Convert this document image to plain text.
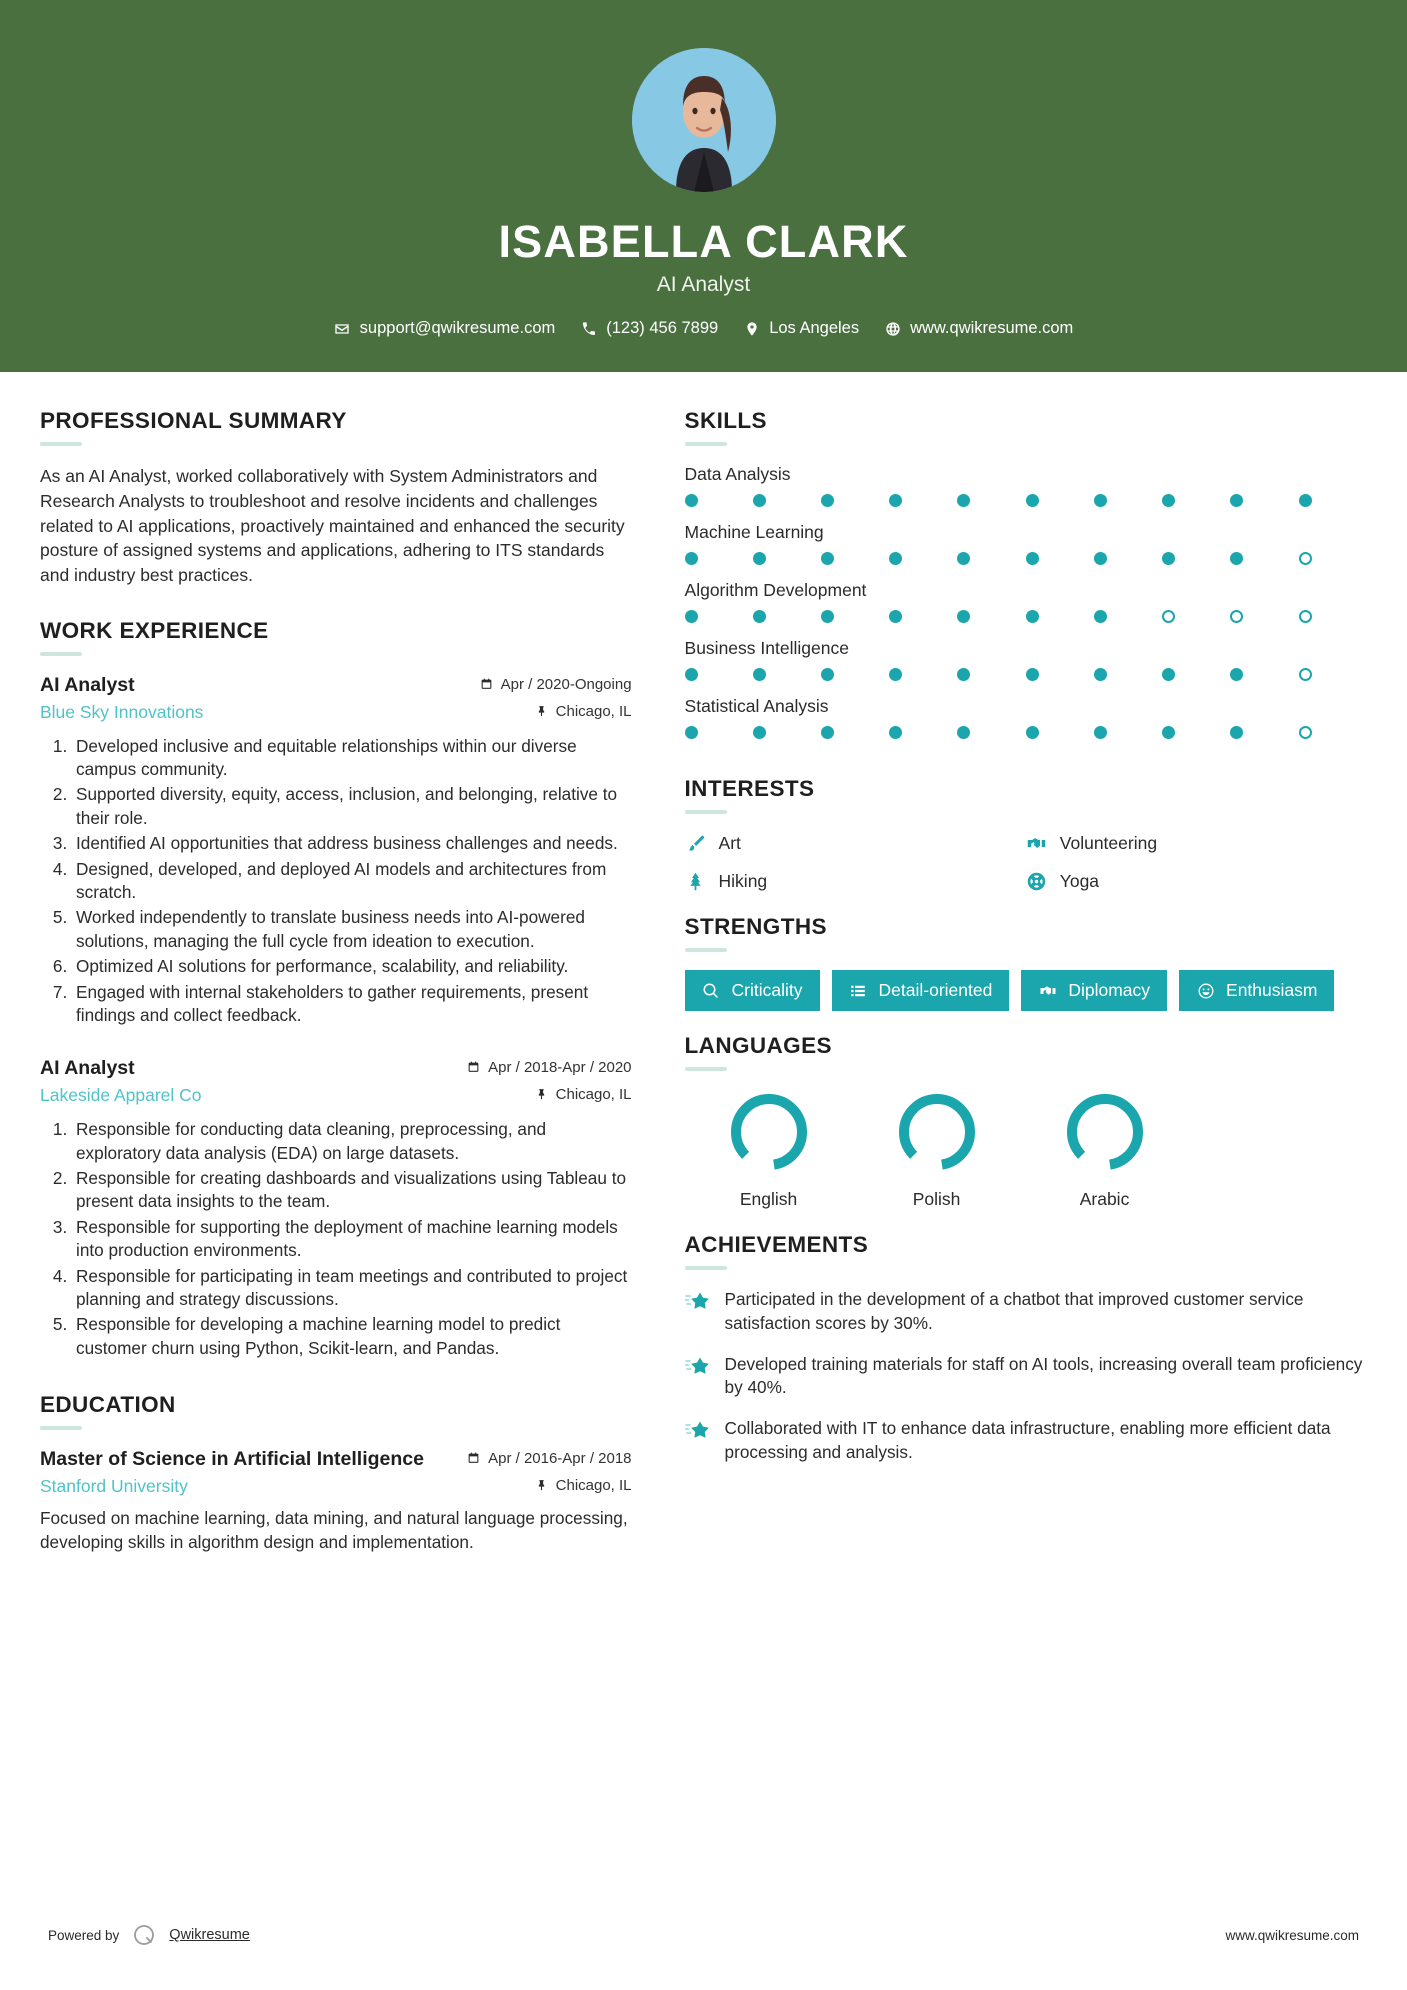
ISABELLA CLARK
AI Analyst
support@qwikresume.com	(123) 456 7899	Los Angeles	www.qwikresume.com
PROFESSIONAL SUMMARY
As an AI Analyst, worked collaboratively with System Administrators and Research Analysts to troubleshoot and resolve incidents and challenges related to AI applications, proactively maintained and enhanced the security posture of assigned systems and applications, adhering to ITS standards and industry best practices.
WORK EXPERIENCE
AI Analyst	Apr / 2020-Ongoing
Blue Sky Innovations	Chicago, IL
1. Developed inclusive and equitable relationships within our diverse campus community.
2. Supported diversity, equity, access, inclusion, and belonging, relative to their role.
3. Identified AI opportunities that address business challenges and needs.
4. Designed, developed, and deployed AI models and architectures from scratch.
5. Worked independently to translate business needs into AI-powered solutions, managing the full cycle from ideation to execution.
6. Optimized AI solutions for performance, scalability, and reliability.
7. Engaged with internal stakeholders to gather requirements, present findings and collect feedback.
AI Analyst	Apr / 2018-Apr / 2020
Lakeside Apparel Co	Chicago, IL
1. Responsible for conducting data cleaning, preprocessing, and exploratory data analysis (EDA) on large datasets.
2. Responsible for creating dashboards and visualizations using Tableau to present data insights to the team.
3. Responsible for supporting the deployment of machine learning models into production environments.
4. Responsible for participating in team meetings and contributed to project planning and strategy discussions.
5. Responsible for developing a machine learning model to predict customer churn using Python, Scikit-learn, and Pandas.
EDUCATION
Master of Science in Artificial Intelligence	Apr / 2016-Apr / 2018
Stanford University	Chicago, IL
Focused on machine learning, data mining, and natural language processing, developing skills in algorithm design and implementation.
SKILLS
Data Analysis
Machine Learning
Algorithm Development
Business Intelligence
Statistical Analysis
INTERESTS
Art	Volunteering
Hiking	Yoga
STRENGTHS
Criticality	Detail-oriented	Diplomacy	Enthusiasm
LANGUAGES
English	Polish	Arabic
ACHIEVEMENTS
Participated in the development of a chatbot that improved customer service satisfaction scores by 30%.
Developed training materials for staff on AI tools, increasing overall team proficiency by 40%.
Collaborated with IT to enhance data infrastructure, enabling more efficient data processing and analysis.
Powered by	Qwikresume	www.qwikresume.com
